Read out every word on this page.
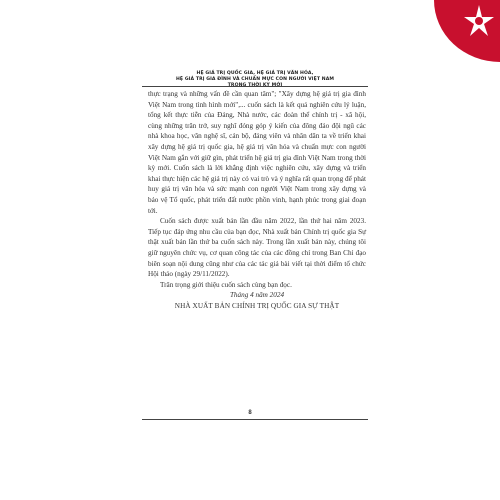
HỆ GIÁ TRỊ QUỐC GIA, HỆ GIÁ TRỊ VĂN HÓA,
HỆ GIÁ TRỊ GIA ĐÌNH VÀ CHUẨN MỰC CON NGƯỜI VIỆT NAM TRONG THỜI KỲ MỚI

thực trạng và những vấn đề cần quan tâm"; "Xây dựng hệ giá trị gia đình Việt Nam trong tình hình mới",... cuốn sách là kết quả nghiên cứu lý luận, tổng kết thực tiễn của Đảng, Nhà nước, các đoàn thể chính trị - xã hội, cùng những trăn trở, suy nghĩ đóng góp ý kiến của đông đảo đội ngũ các nhà khoa học, văn nghệ sĩ, cán bộ, đảng viên và nhân dân ta về triển khai xây dựng hệ giá trị quốc gia, hệ giá trị văn hóa và chuẩn mực con người Việt Nam gắn với giữ gìn, phát triển hệ giá trị gia đình Việt Nam trong thời kỳ mới. Cuốn sách là lời khẳng định việc nghiên cứu, xây dựng và triển khai thực hiện các hệ giá trị này có vai trò và ý nghĩa rất quan trọng để phát huy giá trị văn hóa và sức mạnh con người Việt Nam trong xây dựng và bảo vệ Tổ quốc, phát triển đất nước phồn vinh, hạnh phúc trong giai đoạn tới.

Cuốn sách được xuất bản lần đầu năm 2022, lần thứ hai năm 2023. Tiếp tục đáp ứng nhu cầu của bạn đọc, Nhà xuất bản Chính trị quốc gia Sự thật xuất bản lần thứ ba cuốn sách này. Trong lần xuất bản này, chúng tôi giữ nguyên chức vụ, cơ quan công tác của các đồng chí trong Ban Chỉ đạo biên soạn nội dung cũng như của các tác giả bài viết tại thời điểm tổ chức Hội thảo (ngày 29/11/2022).

Trân trọng giới thiệu cuốn sách cùng bạn đọc.

Tháng 4 năm 2024

NHÀ XUẤT BẢN CHÍNH TRỊ QUỐC GIA SỰ THẬT

8
